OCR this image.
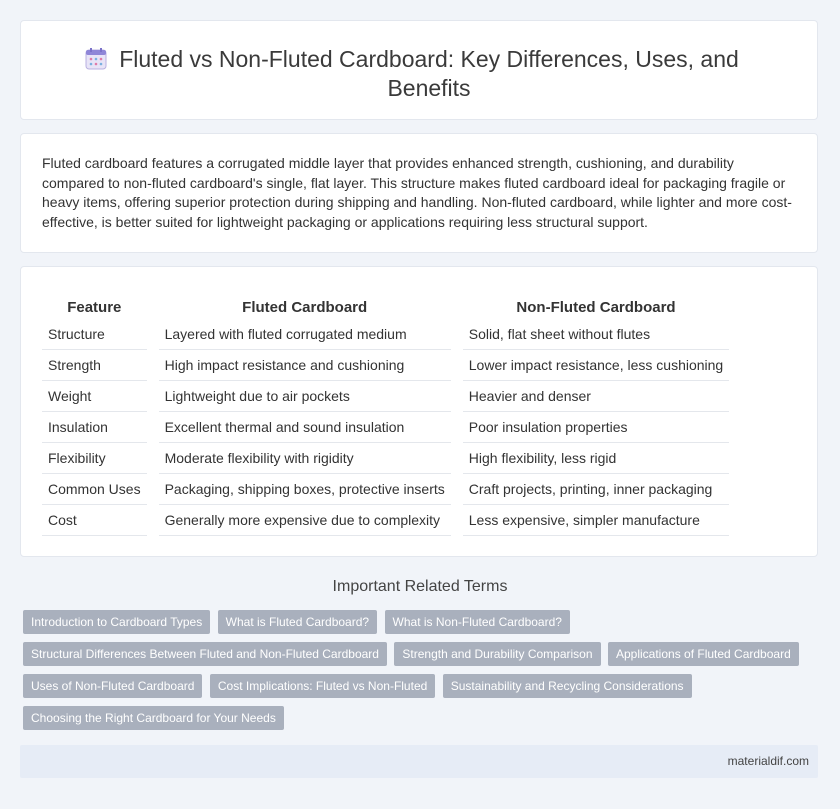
Fluted vs Non-Fluted Cardboard: Key Differences, Uses, and Benefits

Fluted cardboard features a corrugated middle layer that provides enhanced strength, cushioning, and durability compared to non-fluted cardboard's single, flat layer. This structure makes fluted cardboard ideal for packaging fragile or heavy items, offering superior protection during shipping and handling. Non-fluted cardboard, while lighter and more cost-effective, is better suited for lightweight packaging or applications requiring less structural support.

Feature		Fluted Cardboard		Non-Fluted Cardboard
Structure		Layered with fluted corrugated medium		Solid, flat sheet without flutes
Strength		High impact resistance and cushioning		Lower impact resistance, less cushioning
Weight		Lightweight due to air pockets		Heavier and denser
Insulation		Excellent thermal and sound insulation		Poor insulation properties
Flexibility		Moderate flexibility with rigidity		High flexibility, less rigid
Common Uses		Packaging, shipping boxes, protective inserts		Craft projects, printing, inner packaging
Cost		Generally more expensive due to complexity		Less expensive, simpler manufacture
Important Related Terms
Introduction to Cardboard Types What is Fluted Cardboard? What is Non-Fluted Cardboard? Structural Differences Between Fluted and Non-Fluted Cardboard Strength and Durability Comparison Applications of Fluted Cardboard Uses of Non-Fluted Cardboard Cost Implications: Fluted vs Non-Fluted Sustainability and Recycling Considerations Choosing the Right Cardboard for Your Needs
materialdif.com
